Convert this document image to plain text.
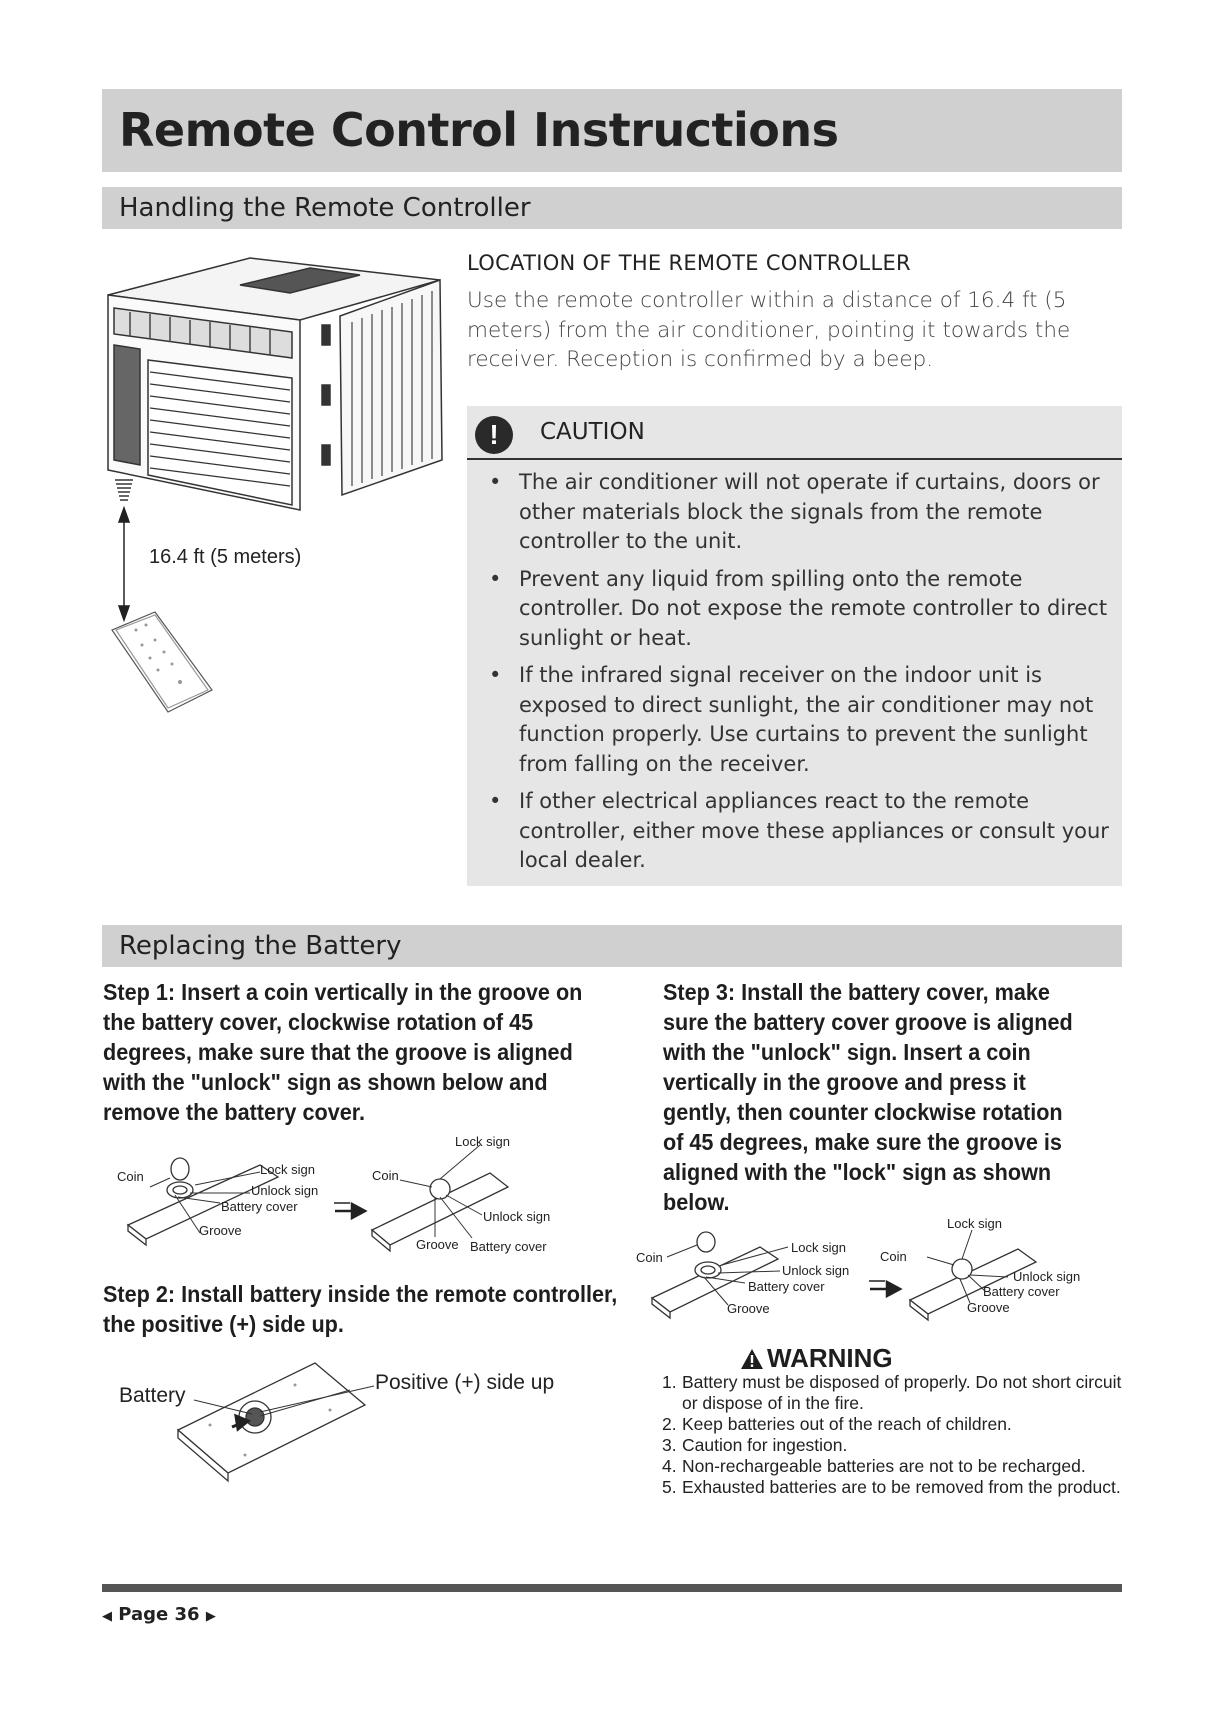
Remote Control Instructions
Handling the Remote Controller
16.4 ft (5 meters)
LOCATION OF THE REMOTE CONTROLLER
Use the remote controller within a distance of 16.4 ft (5 meters) from the air conditioner, pointing it towards the receiver. Reception is confirmed by a beep.
!	CAUTION
• The air conditioner will not operate if curtains, doors or other materials block the signals from the remote controller to the unit.
• Prevent any liquid from spilling onto the remote controller. Do not expose the remote controller to direct sunlight or heat.
• If the infrared signal receiver on the indoor unit is exposed to direct sunlight, the air conditioner may not function properly. Use curtains to prevent the sunlight from falling on the receiver.
• If other electrical appliances react to the remote controller, either move these appliances or consult your local dealer.
Replacing the Battery
Step 1: Insert a coin vertically in the groove on the battery cover, clockwise rotation of 45 degrees, make sure that the groove is aligned with the "unlock" sign as shown below and remove the battery cover.
Coin	Lock sign
Unlock sign
Battery cover
Groove
Coin
Lock sign
Unlock sign
Groove Battery cover
Step 2: Install battery inside the remote controller, the positive (+) side up.
Battery
Positive (+) side up
Step 3: Install the battery cover, make sure the battery cover groove is aligned with the "unlock" sign. Insert a coin vertically in the groove and press it gently, then counter clockwise rotation of 45 degrees, make sure the groove is aligned with the "lock" sign as shown below.
Coin
Lock sign
Unlock sign
Battery cover
Groove
Coin
Lock sign
Unlock sign
Battery cover
Groove
WARNING
1. Battery must be disposed of properly. Do not short circuit or dispose of in the fire.
2. Keep batteries out of the reach of children.
3. Caution for ingestion.
4. Non-rechargeable batteries are not to be recharged.
5. Exhausted batteries are to be removed from the product.
◀ Page 36 ▶
